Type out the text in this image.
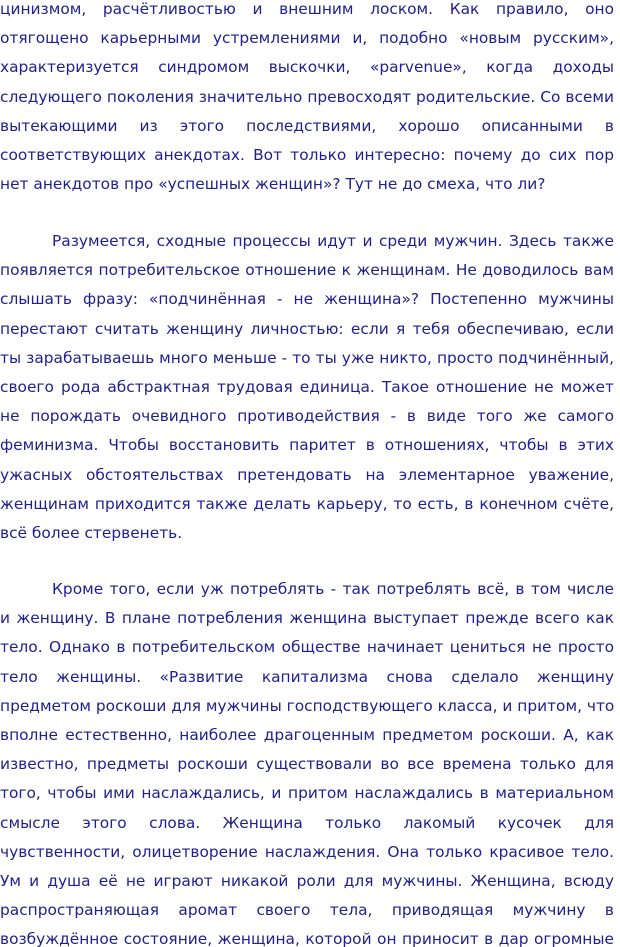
цинизмом, расчётливостью и внешним лоском. Как правило, оно
отягощено карьерными устремлениями и, подобно «новым русским»,
характеризуется синдромом выскочки, «parvenue», когда доходы
следующего поколения значительно превосходят родительские. Со всеми
вытекающими из этого последствиями, хорошо описанными в
соответствующих анекдотах. Вот только интересно: почему до сих пор
нет анекдотов про «успешных женщин»? Тут не до смеха, что ли?
Разумеется, сходные процессы идут и среди мужчин. Здесь также
появляется потребительское отношение к женщинам. Не доводилось вам
слышать фразу: «подчинённая - не женщина»? Постепенно мужчины
перестают считать женщину личностью: если я тебя обеспечиваю, если
ты зарабатываешь много меньше - то ты уже никто, просто подчинённый,
своего рода абстрактная трудовая единица. Такое отношение не может
не порождать очевидного противодействия - в виде того же самого
феминизма. Чтобы восстановить паритет в отношениях, чтобы в этих
ужасных обстоятельствах претендовать на элементарное уважение,
женщинам приходится также делать карьеру, то есть, в конечном счёте,
всё более стервенеть.
Кроме того, если уж потреблять - так потреблять всё, в том числе
и женщину. В плане потребления женщина выступает прежде всего как
тело. Однако в потребительском обществе начинает цениться не просто
тело женщины. «Развитие капитализма снова сделало женщину
предметом роскоши для мужчины господствующего класса, и притом, что
вполне естественно, наиболее драгоценным предметом роскоши. А, как
известно, предметы роскоши существовали во все времена только для
того, чтобы ими наслаждались, и притом наслаждались в материальном
смысле этого слова. Женщина только лакомый кусочек для
чувственности, олицетворение наслаждения. Она только красивое тело.
Ум и душа её не играют никакой роли для мужчины. Женщина, всюду
распространяющая аромат своего тела, приводящая мужчину в
возбуждённое состояние, женщина, которой он приносит в дар огромные
